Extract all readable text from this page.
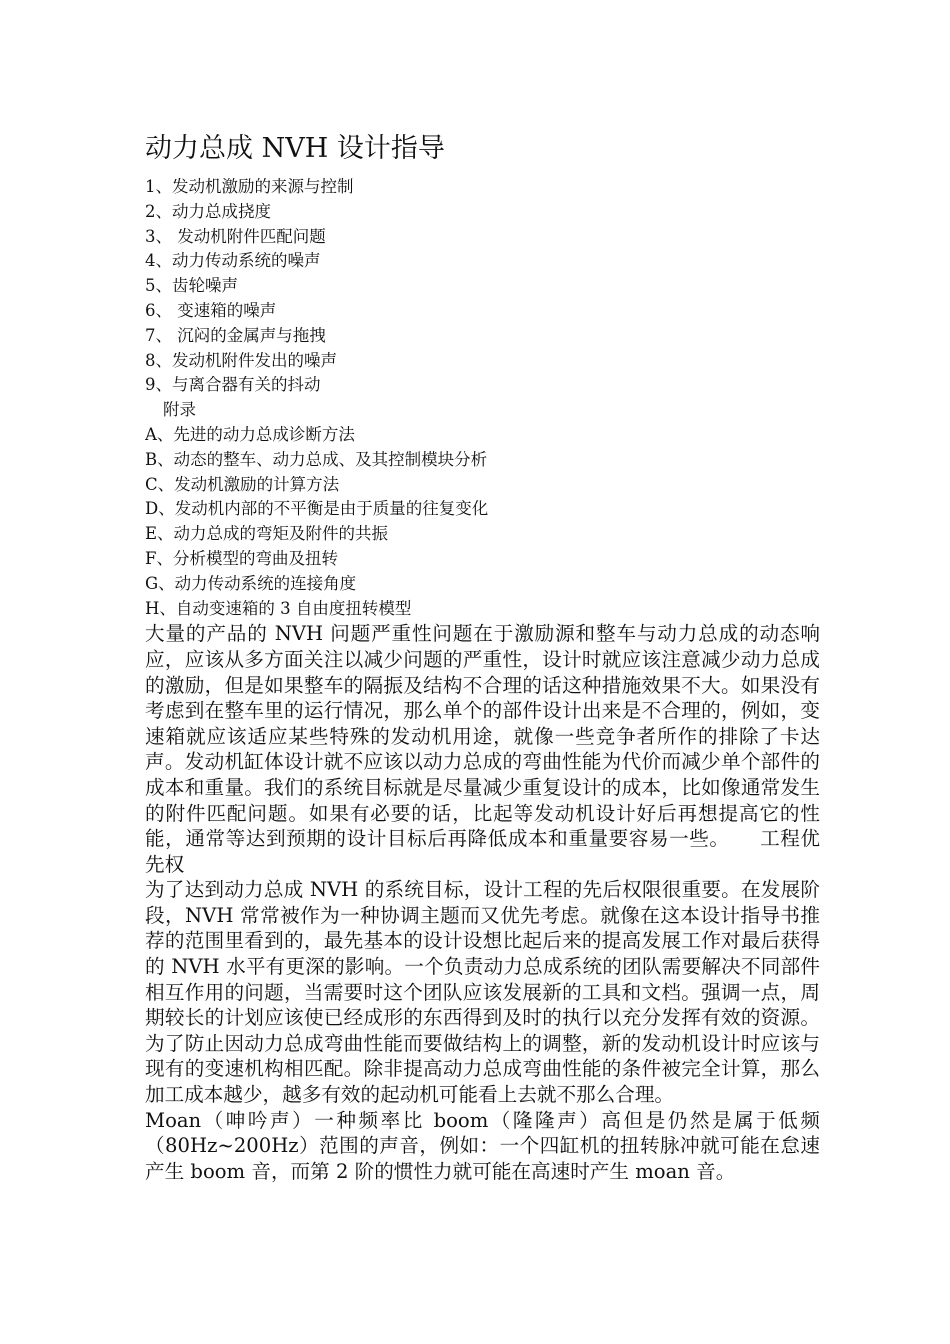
动力总成 NVH 设计指导
1、发动机激励的来源与控制
2、动力总成挠度
3、 发动机附件匹配问题
4、动力传动系统的噪声
5、齿轮噪声
6、 变速箱的噪声
7、 沉闷的金属声与拖拽
8、发动机附件发出的噪声
9、与离合器有关的抖动
附录
A、先进的动力总成诊断方法
B、动态的整车、动力总成、及其控制模块分析
C、发动机激励的计算方法
D、发动机内部的不平衡是由于质量的往复变化
E、动力总成的弯矩及附件的共振
F、分析模型的弯曲及扭转
G、动力传动系统的连接角度
H、自动变速箱的 3 自由度扭转模型

大量的产品的 NVH 问题严重性问题在于激励源和整车与动力总成的动态响应，应该从多方面关注以减少问题的严重性，设计时就应该注意减少动力总成的激励，但是如果整车的隔振及结构不合理的话这种措施效果不大。如果没有考虑到在整车里的运行情况，那么单个的部件设计出来是不合理的，例如，变速箱就应该适应某些特殊的发动机用途，就像一些竞争者所作的排除了卡达声。发动机缸体设计就不应该以动力总成的弯曲性能为代价而减少单个部件的成本和重量。我们的系统目标就是尽量减少重复设计的成本，比如像通常发生的附件匹配问题。如果有必要的话，比起等发动机设计好后再想提高它的性能，通常等达到预期的设计目标后再降低成本和重量要容易一些。　　工程优先权

为了达到动力总成 NVH 的系统目标，设计工程的先后权限很重要。在发展阶段，NVH 常常被作为一种协调主题而又优先考虑。就像在这本设计指导书推荐的范围里看到的，最先基本的设计设想比起后来的提高发展工作对最后获得的 NVH 水平有更深的影响。一个负责动力总成系统的团队需要解决不同部件相互作用的问题，当需要时这个团队应该发展新的工具和文档。强调一点，周期较长的计划应该使已经成形的东西得到及时的执行以充分发挥有效的资源。为了防止因动力总成弯曲性能而要做结构上的调整，新的发动机设计时应该与现有的变速机构相匹配。除非提高动力总成弯曲性能的条件被完全计算，那么加工成本越少，越多有效的起动机可能看上去就不那么合理。

Moan（呻吟声）一种频率比 boom（隆隆声）高但是仍然是属于低频（80Hz~200Hz）范围的声音，例如：一个四缸机的扭转脉冲就可能在怠速产生 boom 音，而第 2 阶的惯性力就可能在高速时产生 moan 音。
